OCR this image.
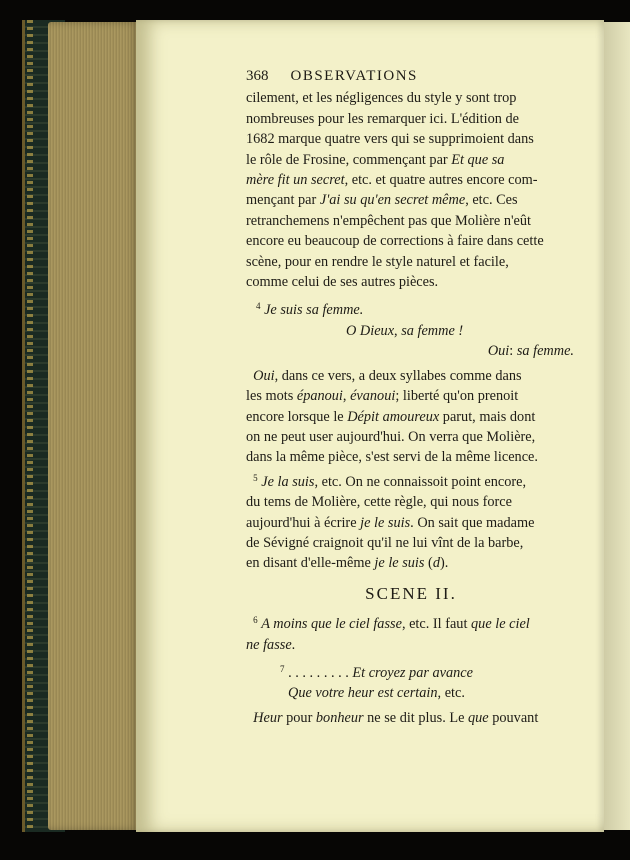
368 OBSERVATIONS

cilement, et les négligences du style y sont trop
nombreuses pour les remarquer ici. L'édition de
1682 marque quatre vers qui se supprimoient dans
le rôle de Frosine, commençant par Et que sa
mère fit un secret, etc. et quatre autres encore com-
mençant par J'ai su qu'en secret même, etc. Ces
retranchemens n'empêchent pas que Molière n'eût
encore eu beaucoup de corrections à faire dans cette
scène, pour en rendre le style naturel et facile,
comme celui de ses autres pièces.

$^4$ Je suis sa femme.
O Dieux, sa femme !
Oui: sa femme.

Oui, dans ce vers, a deux syllabes comme dans
les mots épanoui, évanoui; liberté qu'on prenoit
encore lorsque le Dépit amoureux parut, mais dont
on ne peut user aujourd'hui. On verra que Molière,
dans la même pièce, s'est servi de la même licence.

$^5$ Je la suis, etc. On ne connaissoit point encore,
du tems de Molière, cette règle, qui nous force
aujourd'hui à écrire je le suis. On sait que madame
de Sévigné craignoit qu'il ne lui vînt de la barbe,
en disant d'elle-même je le suis (d).

SCENE II.

$^6$ A moins que le ciel fasse, etc. Il faut que le ciel
ne fasse.

$^7$ . . . . . . . . . Et croyez par avance
Que votre heur est certain, etc.

Heur pour bonheur ne se dit plus. Le que pouvant
